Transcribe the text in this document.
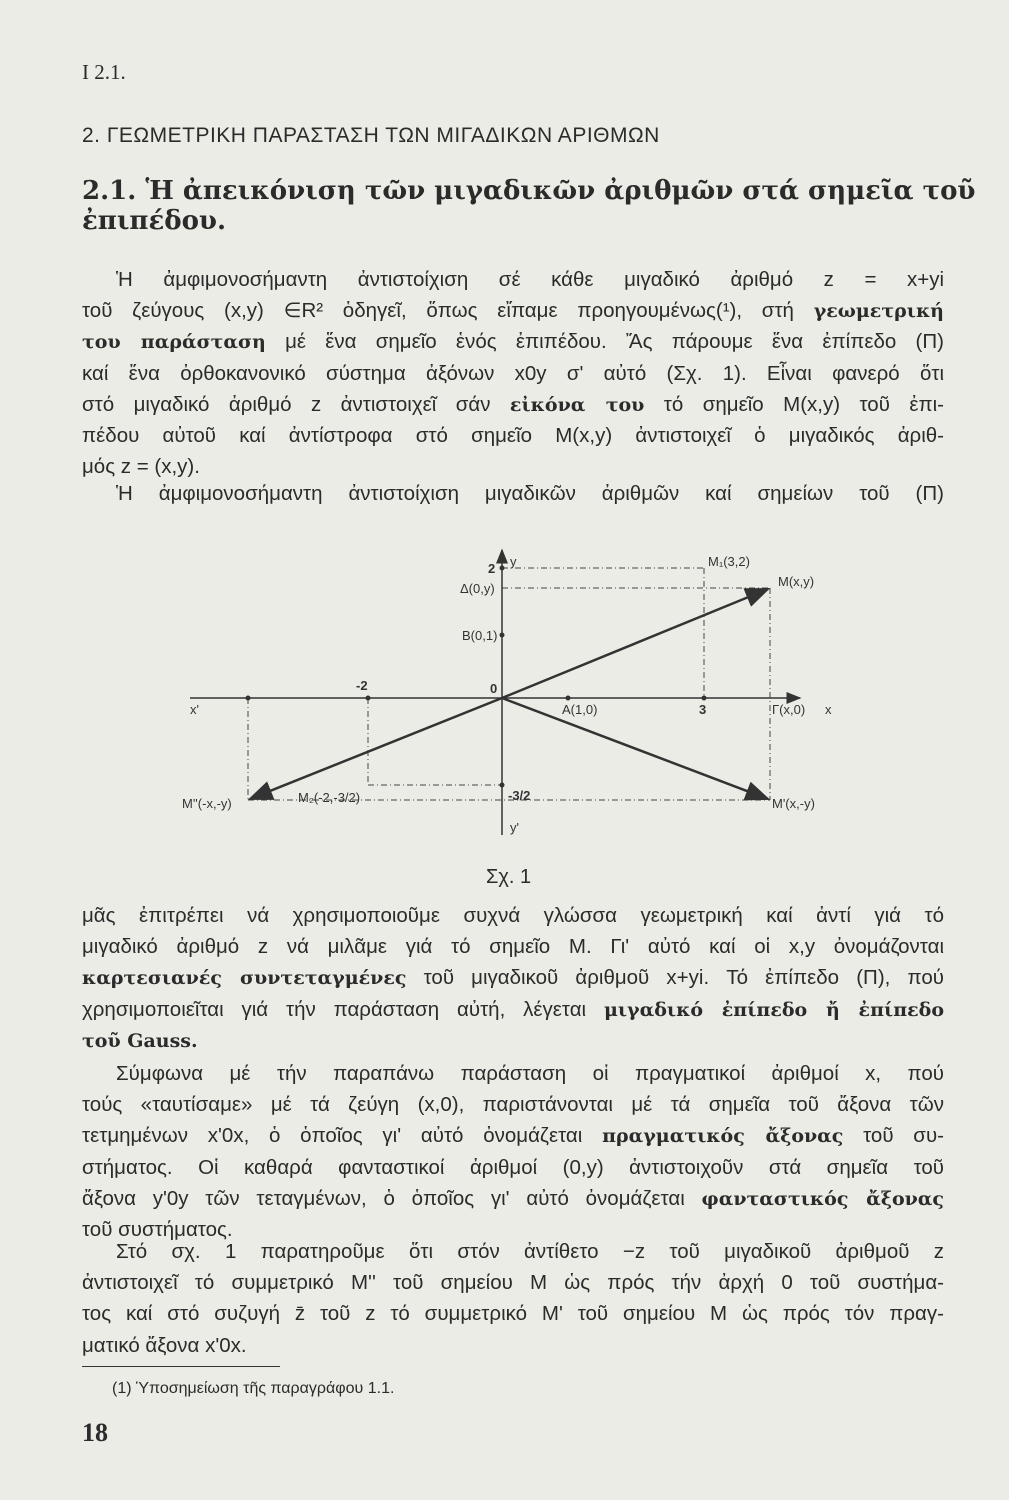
I 2.1.
2. ΓΕΩΜΕΤΡΙΚΗ ΠΑΡΑΣΤΑΣΗ ΤΩΝ ΜΙΓΑΔΙΚΩΝ ΑΡΙΘΜΩΝ
2.1. Ἡ ἀπεικόνιση τῶν μιγαδικῶν ἀριθμῶν στά σημεῖα τοῦ
ἐπιπέδου.
Ἡ ἀμφιμονοσήμαντη ἀντιστοίχιση σέ κάθε μιγαδικό ἀριθμό z = x+yi
τοῦ ζεύγους (x,y) ∈R² ὁδηγεῖ, ὅπως εἴπαμε προηγουμένως(¹), στή γεωμετρική
του παράσταση μέ ἕνα σημεῖο ἑνός ἐπιπέδου. Ἄς πάρουμε ἕνα ἐπίπεδο (Π)
καί ἕνα ὀρθοκανονικό σύστημα ἀξόνων x0y σ' αὐτό (Σχ. 1). Εἶναι φανερό ὅτι
στό μιγαδικό ἀριθμό z ἀντιστοιχεῖ σάν εἰκόνα του τό σημεῖο Μ(x,y) τοῦ ἐπι-
πέδου αὐτοῦ καί ἀντίστροφα στό σημεῖο Μ(x,y) ἀντιστοιχεῖ ὁ μιγαδικός ἀριθ-
μός z = (x,y).
Ἡ ἀμφιμονοσήμαντη ἀντιστοίχιση μιγαδικῶν ἀριθμῶν καί σημείων τοῦ (Π)
μᾶς ἐπιτρέπει νά χρησιμοποιοῦμε συχνά γλώσσα γεωμετρική καί ἀντί γιά τό
μιγαδικό ἀριθμό z νά μιλᾶμε γιά τό σημεῖο Μ. Γι' αὐτό καί οἱ x,y ὀνομάζονται
καρτεσιανές συντεταγμένες τοῦ μιγαδικοῦ ἀριθμοῦ x+yi. Τό ἐπίπεδο (Π), πού
χρησιμοποιεῖται γιά τήν παράσταση αὐτή, λέγεται μιγαδικό ἐπίπεδο ἤ ἐπίπεδο
τοῦ Gauss.
Σύμφωνα μέ τήν παραπάνω παράσταση οἱ πραγματικοί ἀριθμοί x, πού
τούς «ταυτίσαμε» μέ τά ζεύγη (x,0), παριστάνονται μέ τά σημεῖα τοῦ ἄξονα τῶν
τετμημένων x'0x, ὁ ὁποῖος γι' αὐτό ὀνομάζεται πραγματικός ἄξονας τοῦ συ-
στήματος. Οἱ καθαρά φανταστικοί ἀριθμοί (0,y) ἀντιστοιχοῦν στά σημεῖα τοῦ
ἄξονα y'0y τῶν τεταγμένων, ὁ ὁποῖος γι' αὐτό ὀνομάζεται φανταστικός ἄξονας
τοῦ συστήματος.
Στό σχ. 1 παρατηροῦμε ὅτι στόν ἀντίθετο −z τοῦ μιγαδικοῦ ἀριθμοῦ z
ἀντιστοιχεῖ τό συμμετρικό Μ'' τοῦ σημείου Μ ὡς πρός τήν ἀρχή 0 τοῦ συστήμα-
τος καί στό συζυγή z̄ τοῦ z τό συμμετρικό Μ' τοῦ σημείου Μ ὡς πρός τόν πραγ-
ματικό ἄξονα x'0x.
y
2
Δ(0,y)
B(0,1)
0
-2
x'	A(1,0)	3	Γ(x,0) x
M₁(3,2)
M(x,y)
M₂(-2,-3/2)	-3/2
M''(-x,-y)	M'(x,-y)
y'
Σχ. 1
(1) Ὑποσημείωση τῆς παραγράφου 1.1.
18
